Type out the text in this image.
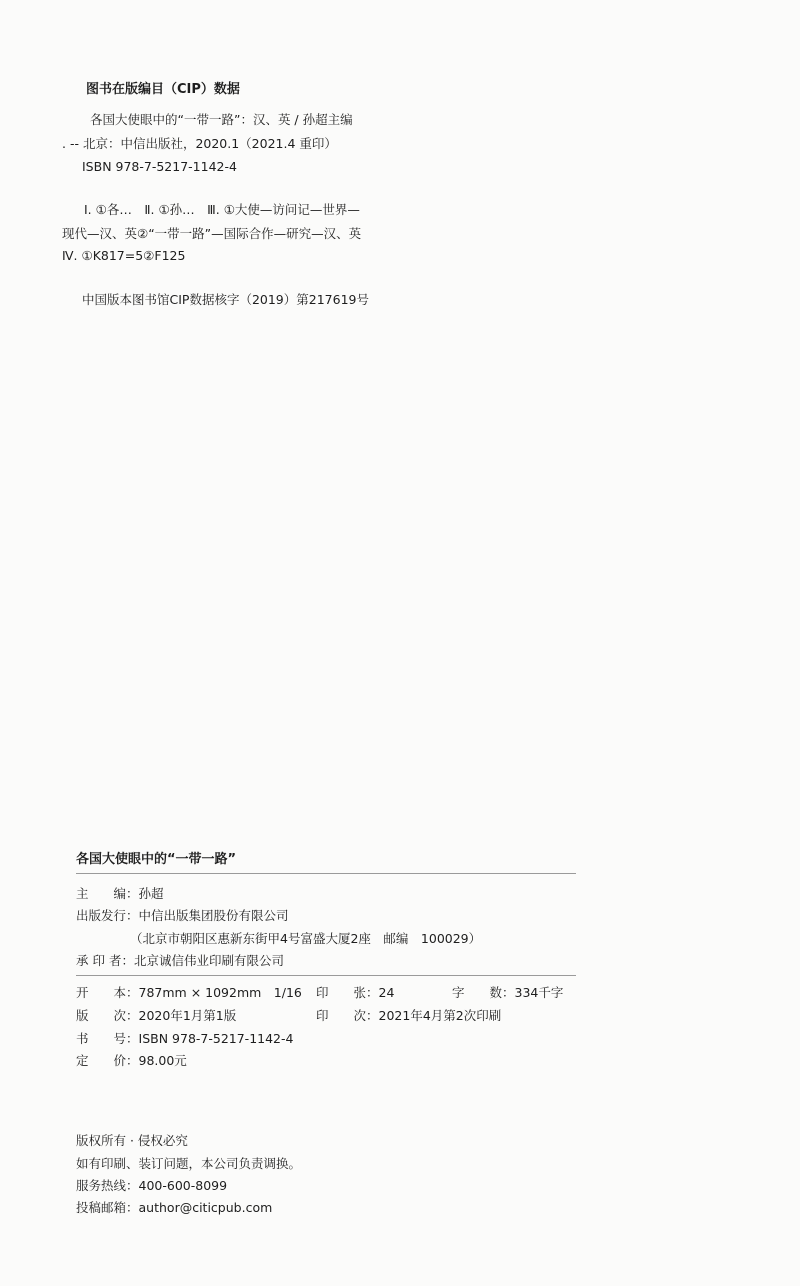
图书在版编目（CIP）数据
各国大使眼中的“一带一路”：汉、英 / 孙超主编
. -- 北京：中信出版社，2020.1（2021.4 重印）
ISBN 978-7-5217-1142-4
Ⅰ. ①各…　Ⅱ. ①孙…　Ⅲ. ①大使—访问记—世界—
现代—汉、英②“一带一路”—国际合作—研究—汉、英
Ⅳ. ①K817=5②F125
中国版本图书馆CIP数据核字（2019）第217619号
各国大使眼中的“一带一路”
主　　编：孙超
出版发行：中信出版集团股份有限公司
（北京市朝阳区惠新东街甲4号富盛大厦2座　邮编　100029）
承 印 者：北京诚信伟业印刷有限公司
开　　本：787mm × 1092mm　1/16 印　　张：24	字　　数：334千字
版　　次：2020年1月第1版	印　　次：2021年4月第2次印刷
书　　号：ISBN 978-7-5217-1142-4
定　　价：98.00元
版权所有 · 侵权必究
如有印刷、装订问题，本公司负责调换。
服务热线：400-600-8099
投稿邮箱：author@citicpub.com
